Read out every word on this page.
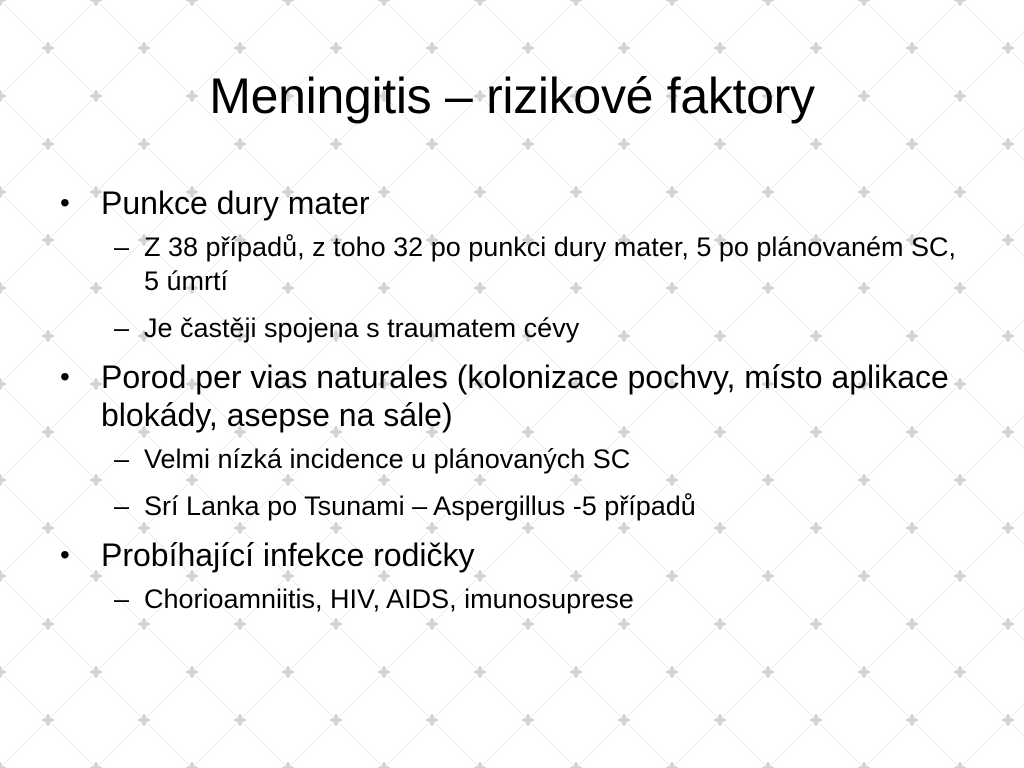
Meningitis – rizikové faktory
• Punkce dury mater
– Z 38 případů, z toho 32 po punkci dury mater, 5 po plánovaném SC, 5 úmrtí
– Je častěji spojena s traumatem cévy
• Porod per vias naturales (kolonizace pochvy, místo aplikace blokády, asepse na sále)
– Velmi nízká incidence u plánovaných SC
– Srí Lanka po Tsunami – Aspergillus -5 případů
• Probíhající infekce rodičky
– Chorioamniitis, HIV, AIDS, imunosuprese
